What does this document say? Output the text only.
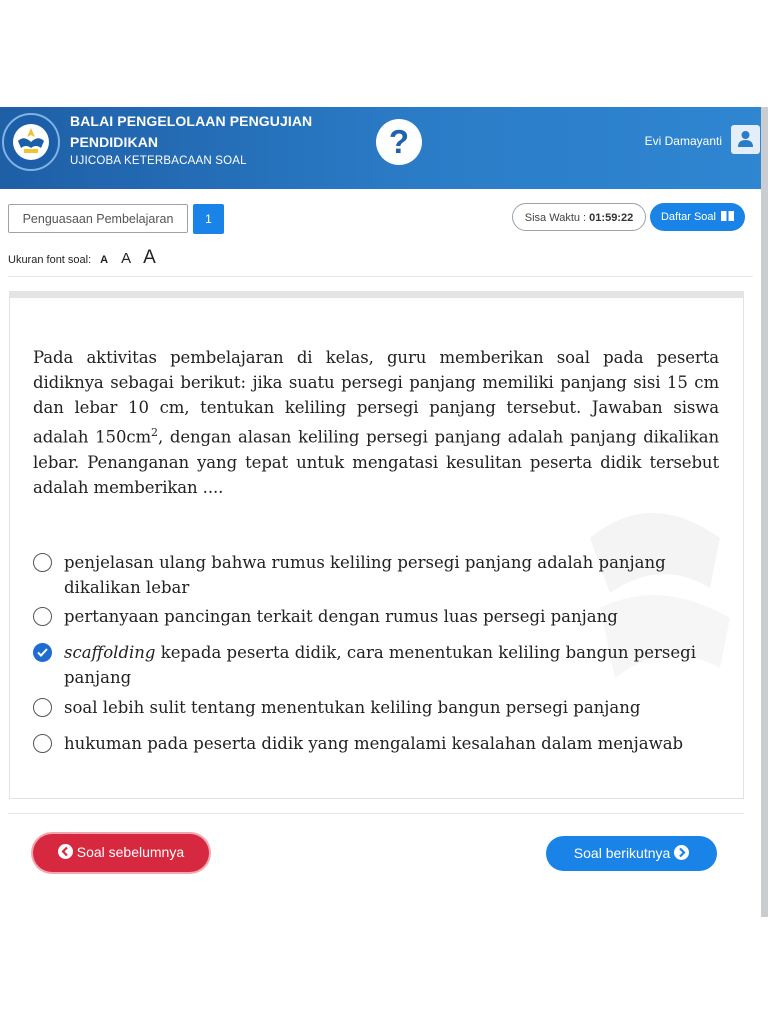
BALAI PENGELOLAAN PENGUJIAN PENDIDIKAN
UJICOBA KETERBACAAN SOAL
?	Evi Damayanti
Penguasaan Pembelajaran	1	Sisa Waktu : 01:59:22	Daftar Soal
Ukuran font soal: A A A
Pada aktivitas pembelajaran di kelas, guru memberikan soal pada peserta didiknya sebagai berikut: jika suatu persegi panjang memiliki panjang sisi 15 cm dan lebar 10 cm, tentukan keliling persegi panjang tersebut. Jawaban siswa adalah $150cm^2$, dengan alasan keliling persegi panjang adalah panjang dikalikan lebar. Penanganan yang tepat untuk mengatasi kesulitan peserta didik tersebut adalah memberikan ....
penjelasan ulang bahwa rumus keliling persegi panjang adalah panjang dikalikan lebar
pertanyaan pancingan terkait dengan rumus luas persegi panjang
scaffolding kepada peserta didik, cara menentukan keliling bangun persegi panjang
soal lebih sulit tentang menentukan keliling bangun persegi panjang
hukuman pada peserta didik yang mengalami kesalahan dalam menjawab
Soal sebelumnya	Soal berikutnya
